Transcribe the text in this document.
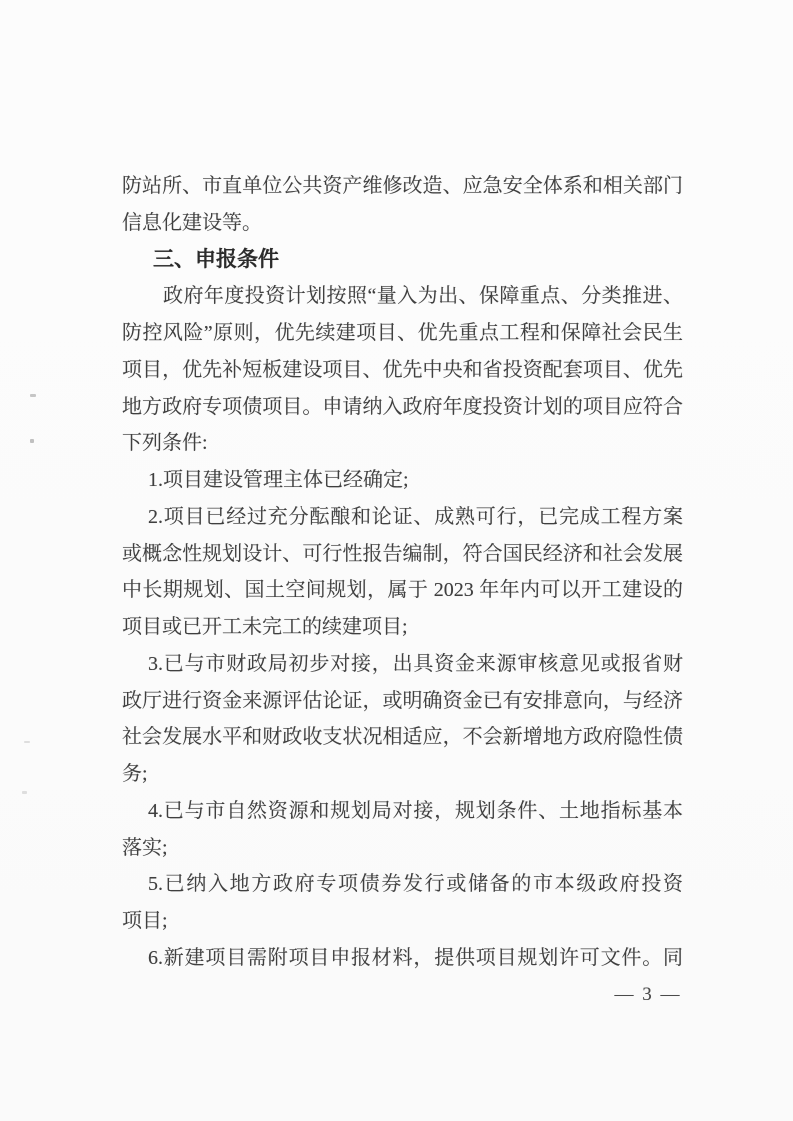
防站所、市直单位公共资产维修改造、应急安全体系和相关部门
信息化建设等。
三、申报条件
政府年度投资计划按照“量入为出、保障重点、分类推进、
防控风险”原则，优先续建项目、优先重点工程和保障社会民生
项目，优先补短板建设项目、优先中央和省投资配套项目、优先
地方政府专项债项目。申请纳入政府年度投资计划的项目应符合
下列条件:
1.项目建设管理主体已经确定;
2.项目已经过充分酝酿和论证、成熟可行，已完成工程方案
或概念性规划设计、可行性报告编制，符合国民经济和社会发展
中长期规划、国土空间规划，属于 2023 年年内可以开工建设的
项目或已开工未完工的续建项目;
3.已与市财政局初步对接，出具资金来源审核意见或报省财
政厅进行资金来源评估论证，或明确资金已有安排意向，与经济
社会发展水平和财政收支状况相适应，不会新增地方政府隐性债
务;
4.已与市自然资源和规划局对接，规划条件、土地指标基本
落实;
5.已纳入地方政府专项债券发行或储备的市本级政府投资
项目;
6.新建项目需附项目申报材料，提供项目规划许可文件。同
— 3 —
